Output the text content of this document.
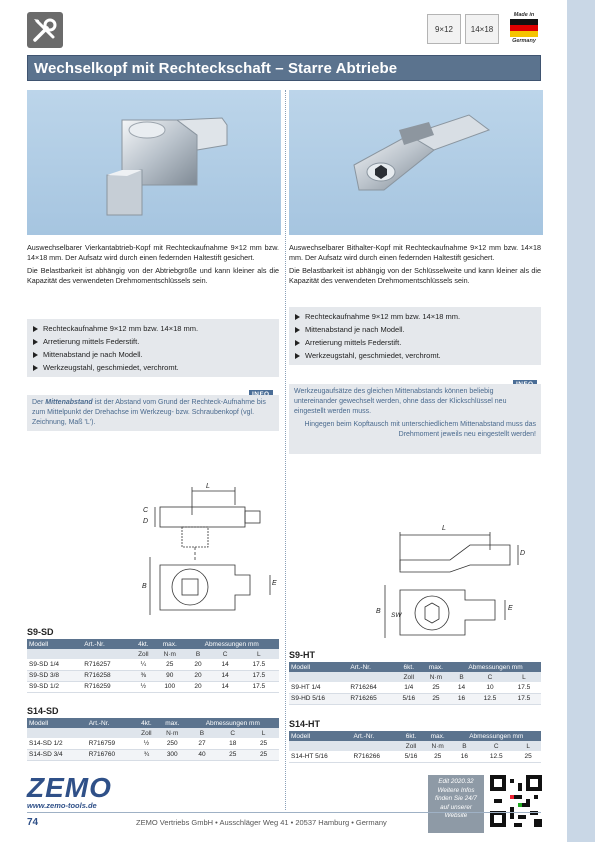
9×12	14×18
Made in
Germany
Wechselkopf mit Rechteckschaft – Starre Abtriebe

Auswechselbarer Vierkantabtrieb-Kopf mit Rechteckaufnahme 9×12 mm bzw. 14×18 mm. Der Aufsatz wird durch einen federnden Haltestift gesichert.

Die Belastbarkeit ist abhängig von der Abtriebgröße und kann kleiner als die Kapazität des verwendeten Drehmomentschlüssels sein.

Rechteckaufnahme 9×12 mm bzw. 14×18 mm.
Arretierung mittels Federstift.
Mittenabstand je nach Modell.
Werkzeugstahl, geschmiedet, verchromt.
Der Mittenabstand ist der Abstand vom Grund der Rechteck-Aufnahme bis zum Mittelpunkt der Drehachse im Werkzeug- bzw. Schraubenkopf (vgl. Zeichnung, Maß 'L').

Auswechselbarer Bithalter-Kopf mit Rechteckaufnahme 9×12 mm bzw. 14×18 mm. Der Aufsatz wird durch einen federnden Haltestift gesichert.

Die Belastbarkeit ist abhängig von der Schlüsselweite und kann kleiner als die Kapazität des verwendeten Drehmomentschlüssels sein.

Rechteckaufnahme 9×12 mm bzw. 14×18 mm.
Mittenabstand je nach Modell.
Arretierung mittels Federstift.
Werkzeugstahl, geschmiedet, verchromt.
Werkzeugaufsätze des gleichen Mittenabstands können beliebig untereinander gewechselt werden, ohne dass der Klickschlüssel neu eingestellt werden muss.
Hingegen beim Kopftausch mit unterschiedlichem Mittenabstand muss das Drehmoment jeweils neu eingestellt werden!
L
C
D
B	E
L
D
SW
B	E
S9-SD
Modell	Art.-Nr.	4kt.	max.	Abmessungen mm		
		Zoll	N·m	B	C	L
S9-SD 1/4	R716257	¼	25	20	14	17.5
S9-SD 3/8	R716258	⅜	90	20	14	17.5
S9-SD 1/2	R716259	½	100	20	14	17.5
S14-SD
Modell	Art.-Nr.	4kt.	max.	Abmessungen mm		
		Zoll	N·m	B	C	L
S14-SD 1/2	R716759	½	250	27	18	25
S14-SD 3/4	R716760	¾	300	40	25	25
S9-HT
Modell	Art.-Nr.	6kt.	max.	Abmessungen mm		
		Zoll	N·m	B	C	L
S9-HT 1/4	R716264	1/4	25	14	10	17.5
S9-HD 5/16	R716265	5/16	25	16	12.5	17.5
S14-HT
Modell	Art.-Nr.	6kt.	max.	Abmessungen mm		
		Zoll	N·m	B	C	L
S14-HT 5/16	R716266	5/16	25	16	12.5	25
ZEMO
www.zemo-tools.de
Edit 2020.32
Weitere Infos
finden Sie 24/7
auf unserer
Website
74	ZEMO Vertriebs GmbH • Ausschläger Weg 41 • 20537 Hamburg • Germany
